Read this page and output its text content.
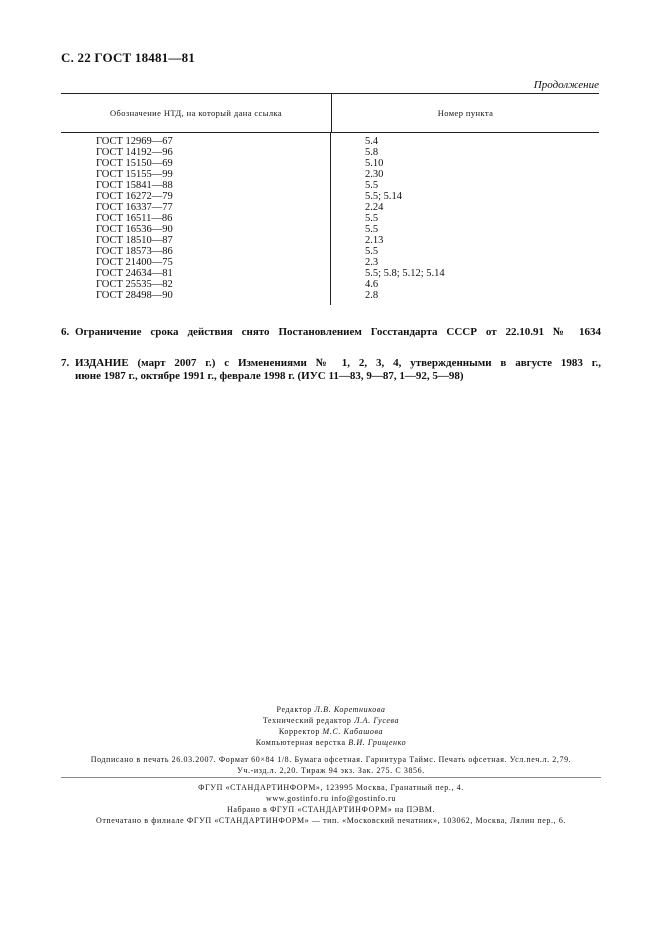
С. 22 ГОСТ 18481—81
Продолжение
Обозначение НТД, на который дана ссылка	Номер пункта
ГОСТ 12969—67
ГОСТ 14192—96
ГОСТ 15150—69
ГОСТ 15155—99
ГОСТ 15841—88
ГОСТ 16272—79
ГОСТ 16337—77
ГОСТ 16511—86
ГОСТ 16536—90
ГОСТ 18510—87
ГОСТ 18573—86
ГОСТ 21400—75
ГОСТ 24634—81
ГОСТ 25535—82
ГОСТ 28498—90
5.4
5.8
5.10
2.30
5.5
5.5; 5.14
2.24
5.5
5.5
2.13
5.5
2.3
5.5; 5.8; 5.12; 5.14
4.6
2.8
6. Ограничение срока действия снято Постановлением Госстандарта СССР от 22.10.91 № 1634
7. ИЗДАНИЕ (март 2007 г.) с Изменениями № 1, 2, 3, 4, утвержденными в августе 1983 г.,
июне 1987 г., октябре 1991 г., феврале 1998 г. (ИУС 11—83, 9—87, 1—92, 5—98)
Редактор Л.В. Коретникова
Технический редактор Л.А. Гусева
Корректор М.С. Кабашова
Компьютерная верстка В.И. Грищенко
Подписано в печать 26.03.2007. Формат 60×84 1/8. Бумага офсетная. Гарнитура Таймс. Печать офсетная. Усл.печ.л. 2,79.
Уч.-изд.л. 2,20. Тираж 94 экз. Зак. 275. С 3856.
ФГУП «СТАНДАРТИНФОРМ», 123995 Москва, Гранатный пер., 4.
www.gostinfo.ru info@gostinfo.ru
Набрано в ФГУП «СТАНДАРТИНФОРМ» на ПЭВМ.
Отпечатано в филиале ФГУП «СТАНДАРТИНФОРМ» — тип. «Московский печатник», 103062, Москва, Лялин пер., 6.
